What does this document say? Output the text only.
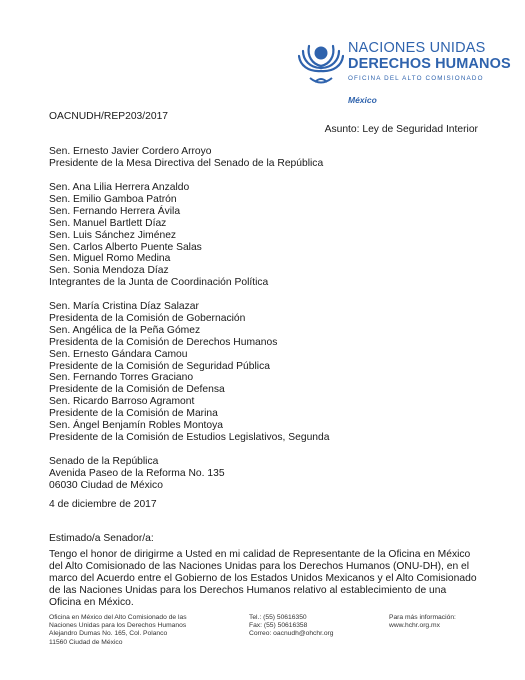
NACIONES UNIDAS
DERECHOS HUMANOS
OFICINA DEL ALTO COMISIONADO
México
OACNUDH/REP203/2017
Asunto: Ley de Seguridad Interior
Sen. Ernesto Javier Cordero Arroyo
Presidente de la Mesa Directiva del Senado de la República
Sen. Ana Lilia Herrera Anzaldo
Sen. Emilio Gamboa Patrón
Sen. Fernando Herrera Ávila
Sen. Manuel Bartlett Díaz
Sen. Luis Sánchez Jiménez
Sen. Carlos Alberto Puente Salas
Sen. Miguel Romo Medina
Sen. Sonia Mendoza Díaz
Integrantes de la Junta de Coordinación Política
Sen. María Cristina Díaz Salazar
Presidenta de la Comisión de Gobernación
Sen. Angélica de la Peña Gómez
Presidenta de la Comisión de Derechos Humanos
Sen. Ernesto Gándara Camou
Presidente de la Comisión de Seguridad Pública
Sen. Fernando Torres Graciano
Presidente de la Comisión de Defensa
Sen. Ricardo Barroso Agramont
Presidente de la Comisión de Marina
Sen. Ángel Benjamín Robles Montoya
Presidente de la Comisión de Estudios Legislativos, Segunda
Senado de la República
Avenida Paseo de la Reforma No. 135
06030 Ciudad de México
4 de diciembre de 2017
Estimado/a Senador/a:
Tengo el honor de dirigirme a Usted en mi calidad de Representante de la Oficina en México del Alto Comisionado de las Naciones Unidas para los Derechos Humanos (ONU-DH), en el marco del Acuerdo entre el Gobierno de los Estados Unidos Mexicanos y el Alto Comisionado de las Naciones Unidas para los Derechos Humanos relativo al establecimiento de una Oficina en México.
Oficina en México del Alto Comisionado de las
Naciones Unidas para los Derechos Humanos
Alejandro Dumas No. 165, Col. Polanco
11560 Ciudad de México
Tel.: (55) 50616350
Fax: (55) 50616358
Correo: oacnudh@ohchr.org
Para más información:
www.hchr.org.mx
